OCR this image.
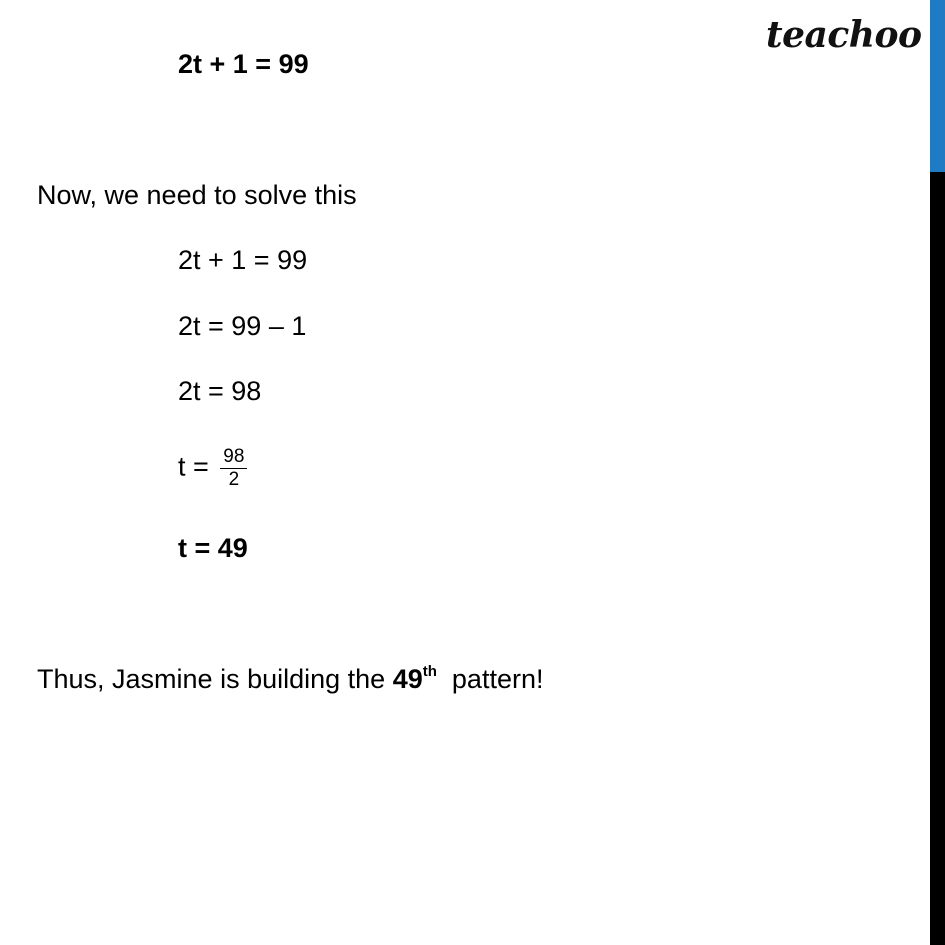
teachoo
2t + 1 = 99
Now, we need to solve this
2t + 1 = 99
2t = 99 – 1
2t = 98
$t = \frac{98}{2}$
t = 49
Thus, Jasmine is building the 49th  pattern!
